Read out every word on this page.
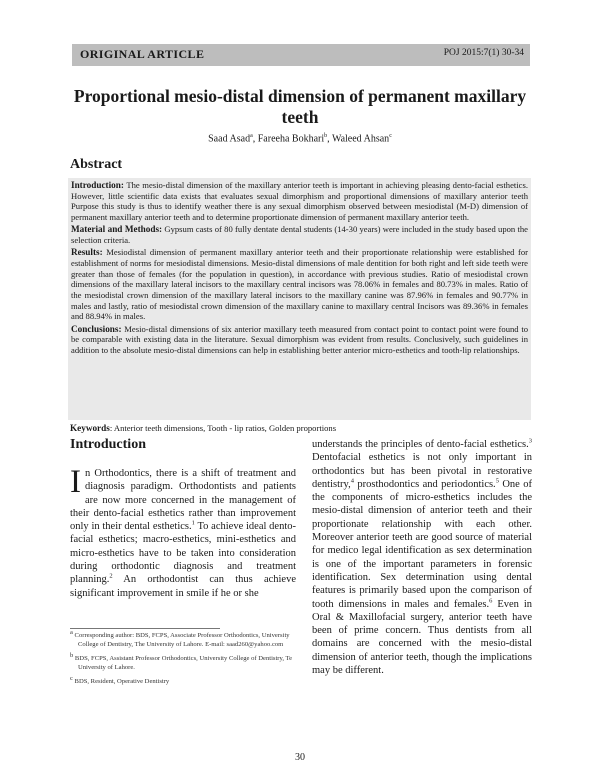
ORIGINAL ARTICLE	POJ 2015:7(1) 30-34
Proportional mesio-distal dimension of permanent maxillary teeth
Saad Asad$^a$, Fareeha Bokhari$^b$, Waleed Ahsan$^c$
Abstract

Introduction: The mesio-distal dimension of the maxillary anterior teeth is important in achieving pleasing dento-facial esthetics. However, little scientific data exists that evaluates sexual dimorphism and proportional dimensions of maxillary anterior teeth Purpose this study is thus to identify weather there is any sexual dimorphism observed between mesiodistal (M-D) dimension of permanent maxillary anterior teeth and to determine proportionate dimension of permanent maxillary anterior teeth.

Material and Methods: Gypsum casts of 80 fully dentate dental students (14-30 years) were included in the study based upon the selection criteria.

Results: Mesiodistal dimension of permanent maxillary anterior teeth and their proportionate relationship were established for establishment of norms for mesiodistal dimensions. Mesio-distal dimensions of male dentition for both right and left side teeth were greater than those of females (for the population in question), in accordance with previous studies. Ratio of mesiodistal crown dimensions of the maxillary lateral incisors to the maxillary central incisors was 78.06% in females and 80.73% in males. Ratio of the mesiodistal crown dimension of the maxillary lateral incisors to the maxillary canine was 87.96% in females and 90.77% in males and lastly, ratio of mesiodistal crown dimension of the maxillary canine to maxillary central Incisors was 89.36% in females and 88.94% in males.

Conclusions: Mesio-distal dimensions of six anterior maxillary teeth measured from contact point to contact point were found to be comparable with existing data in the literature. Sexual dimorphism was evident from results. Conclusively, such guidelines in addition to the absolute mesio-distal dimensions can help in establishing better anterior micro-esthetics and tooth-lip relationships.

Keywords: Anterior teeth dimensions, Tooth - lip ratios, Golden proportions
Introduction

In Orthodontics, there is a shift of treatment and diagnosis paradigm. Orthodontists and patients are now more concerned in the management of their dento-facial esthetics rather than improvement only in their dental esthetics.$^1$ To achieve ideal dento-facial esthetics; macro-esthetics, mini-esthetics and micro-esthetics have to be taken into consideration during orthodontic diagnosis and treatment planning.$^2$ An orthodontist can thus achieve significant improvement in smile if he or she

a Corresponding author: BDS, FCPS, Associate Professor Orthodontics, University College of Dentistry, The University of Lahore. E-mail: saad260@yahoo.com

b BDS, FCPS, Assistant Professor Orthodontics, University College of Dentistry, Te University of Lahore.

c BDS, Resident, Operative Dentistry

understands the principles of dento-facial esthetics.$^3$ Dentofacial esthetics is not only important in orthodontics but has been pivotal in restorative dentistry,$^4$ prosthodontics and periodontics.$^5$ One of the components of micro-esthetics includes the mesio-distal dimension of anterior teeth and their proportionate relationship with each other. Moreover anterior teeth are good source of material for medico legal identification as sex determination is one of the important parameters in forensic identification. Sex determination using dental features is primarily based upon the comparison of tooth dimensions in males and females.$^6$ Even in Oral & Maxillofacial surgery, anterior teeth have been of prime concern. Thus dentists from all domains are concerned with the mesio-distal dimension of anterior teeth, though the implications may be different.

30
